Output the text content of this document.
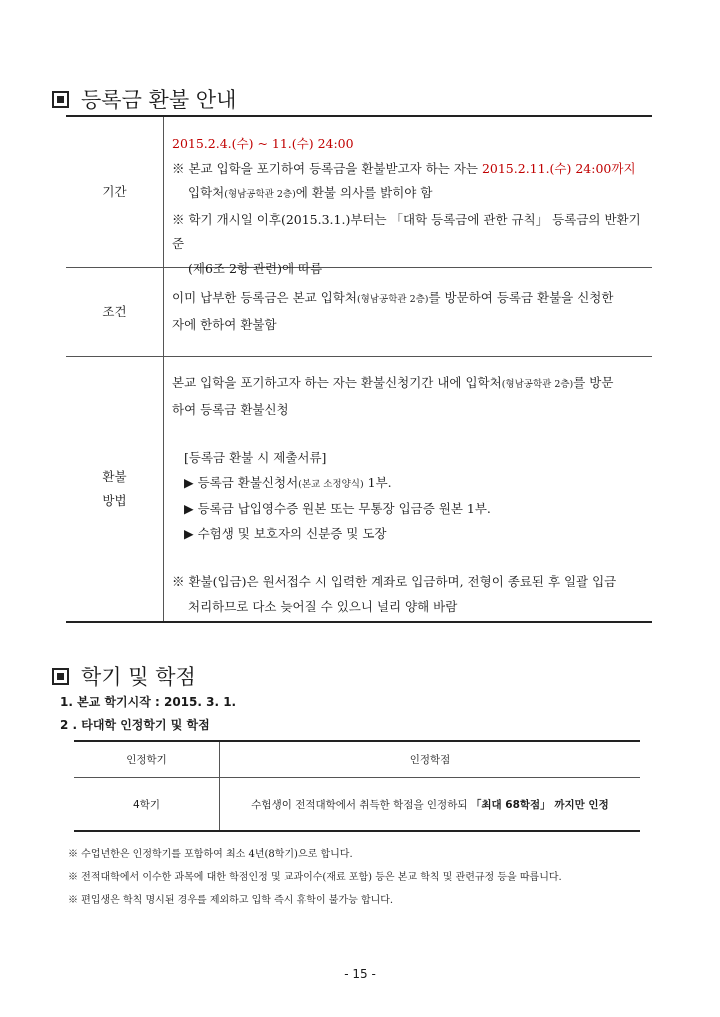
등록금 환불 안내
기간
2015.2.4.(수) ~ 11.(수) 24:00
※ 본교 입학을 포기하여 등록금을 환불받고자 하는 자는 2015.2.11.(수) 24:00까지
입학처(형남공학관 2층)에 환불 의사를 밝히야 함
※ 학기 개시일 이후(2015.3.1.)부터는 「대학 등록금에 관한 규칙」 등록금의 반환기준
(제6조 2항 관련)에 따름
조건
이미 납부한 등록금은 본교 입학처(형남공학관 2층)를 방문하여 등록금 환불을 신청한
자에 한하여 환불함
환불
방법
본교 입학을 포기하고자 하는 자는 환불신청기간 내에 입학처(형남공학관 2층)를 방문
하여 등록금 환불신청
[등록금 환불 시 제출서류]
▶ 등록금 환불신청서(본교 소정양식) 1부.
▶ 등록금 납입영수증 원본 또는 무통장 입금증 원본 1부.
▶ 수험생 및 보호자의 신분증 및 도장
※ 환불(입금)은 원서접수 시 입력한 계좌로 입금하며, 전형이 종료된 후 일괄 입금
처리하므로 다소 늦어질 수 있으니 널리 양해 바람
학기 및 학점
1. 본교 학기시작 : 2015. 3. 1.
2 . 타대학 인정학기 및 학점
인정학기	인정학점
4학기	수험생이 전적대학에서 취득한 학점을 인정하되
「최대 68학점」 까지만 인정
※ 수업년한은 인정학기를 포함하여 최소 4년(8학기)으로 합니다.
※ 전적대학에서 이수한 과목에 대한 학점인정 및 교과이수(재료 포함) 등은 본교 학칙 및 관련규정 등을 따릅니다.
※ 편입생은 학칙 명시된 경우를 제외하고 입학 즉시 휴학이 불가능 합니다.
- 15 -
